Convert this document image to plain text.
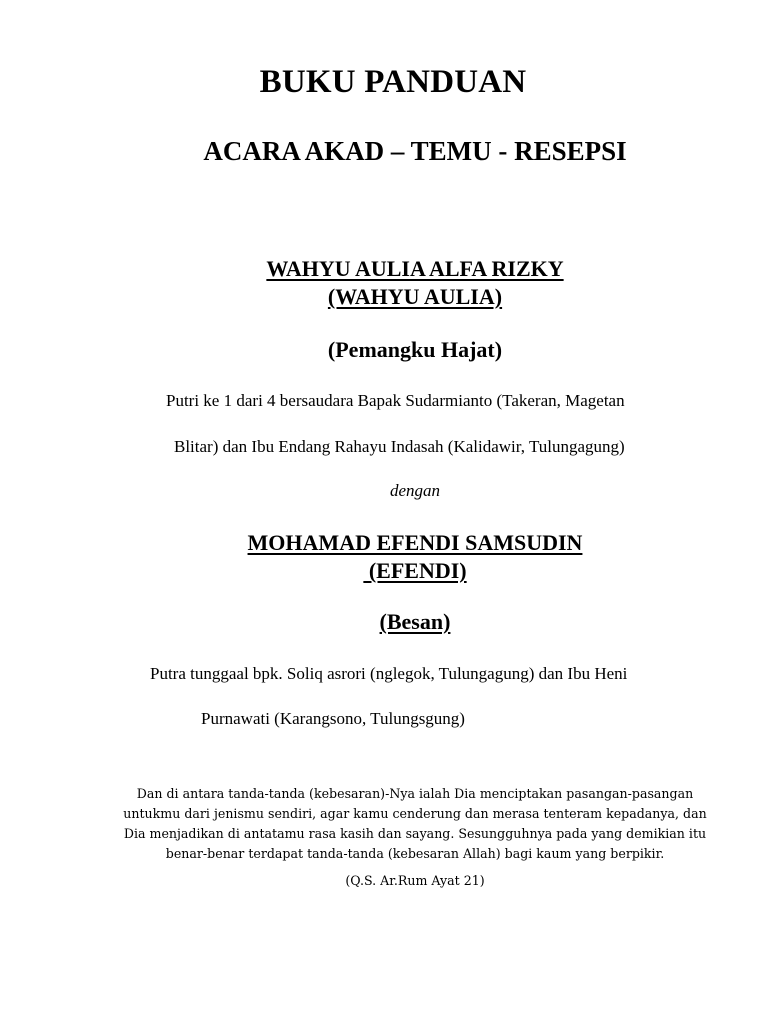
BUKU PANDUAN
ACARA AKAD – TEMU - RESEPSI
WAHYU AULIA ALFA RIZKY
(WAHYU AULIA)
(Pemangku Hajat)

Putri ke 1 dari 4 bersaudara Bapak Sudarmianto (Takeran, Magetan

Blitar) dan Ibu Endang Rahayu Indasah (Kalidawir, Tulungagung)

dengan
MOHAMAD EFENDI SAMSUDIN
(EFENDI)
(Besan)

Putra tunggaal bpk. Soliq asrori (nglegok, Tulungagung) dan Ibu Heni

Purnawati (Karangsono, Tulungsgung)

Dan di antara tanda-tanda (kebesaran)-Nya ialah Dia menciptakan pasangan-pasangan
untukmu dari jenismu sendiri, agar kamu cenderung dan merasa tenteram kepadanya, dan
Dia menjadikan di antatamu rasa kasih dan sayang. Sesungguhnya pada yang demikian itu
benar-benar terdapat tanda-tanda (kebesaran Allah) bagi kaum yang berpikir.
(Q.S. Ar.Rum Ayat 21)
